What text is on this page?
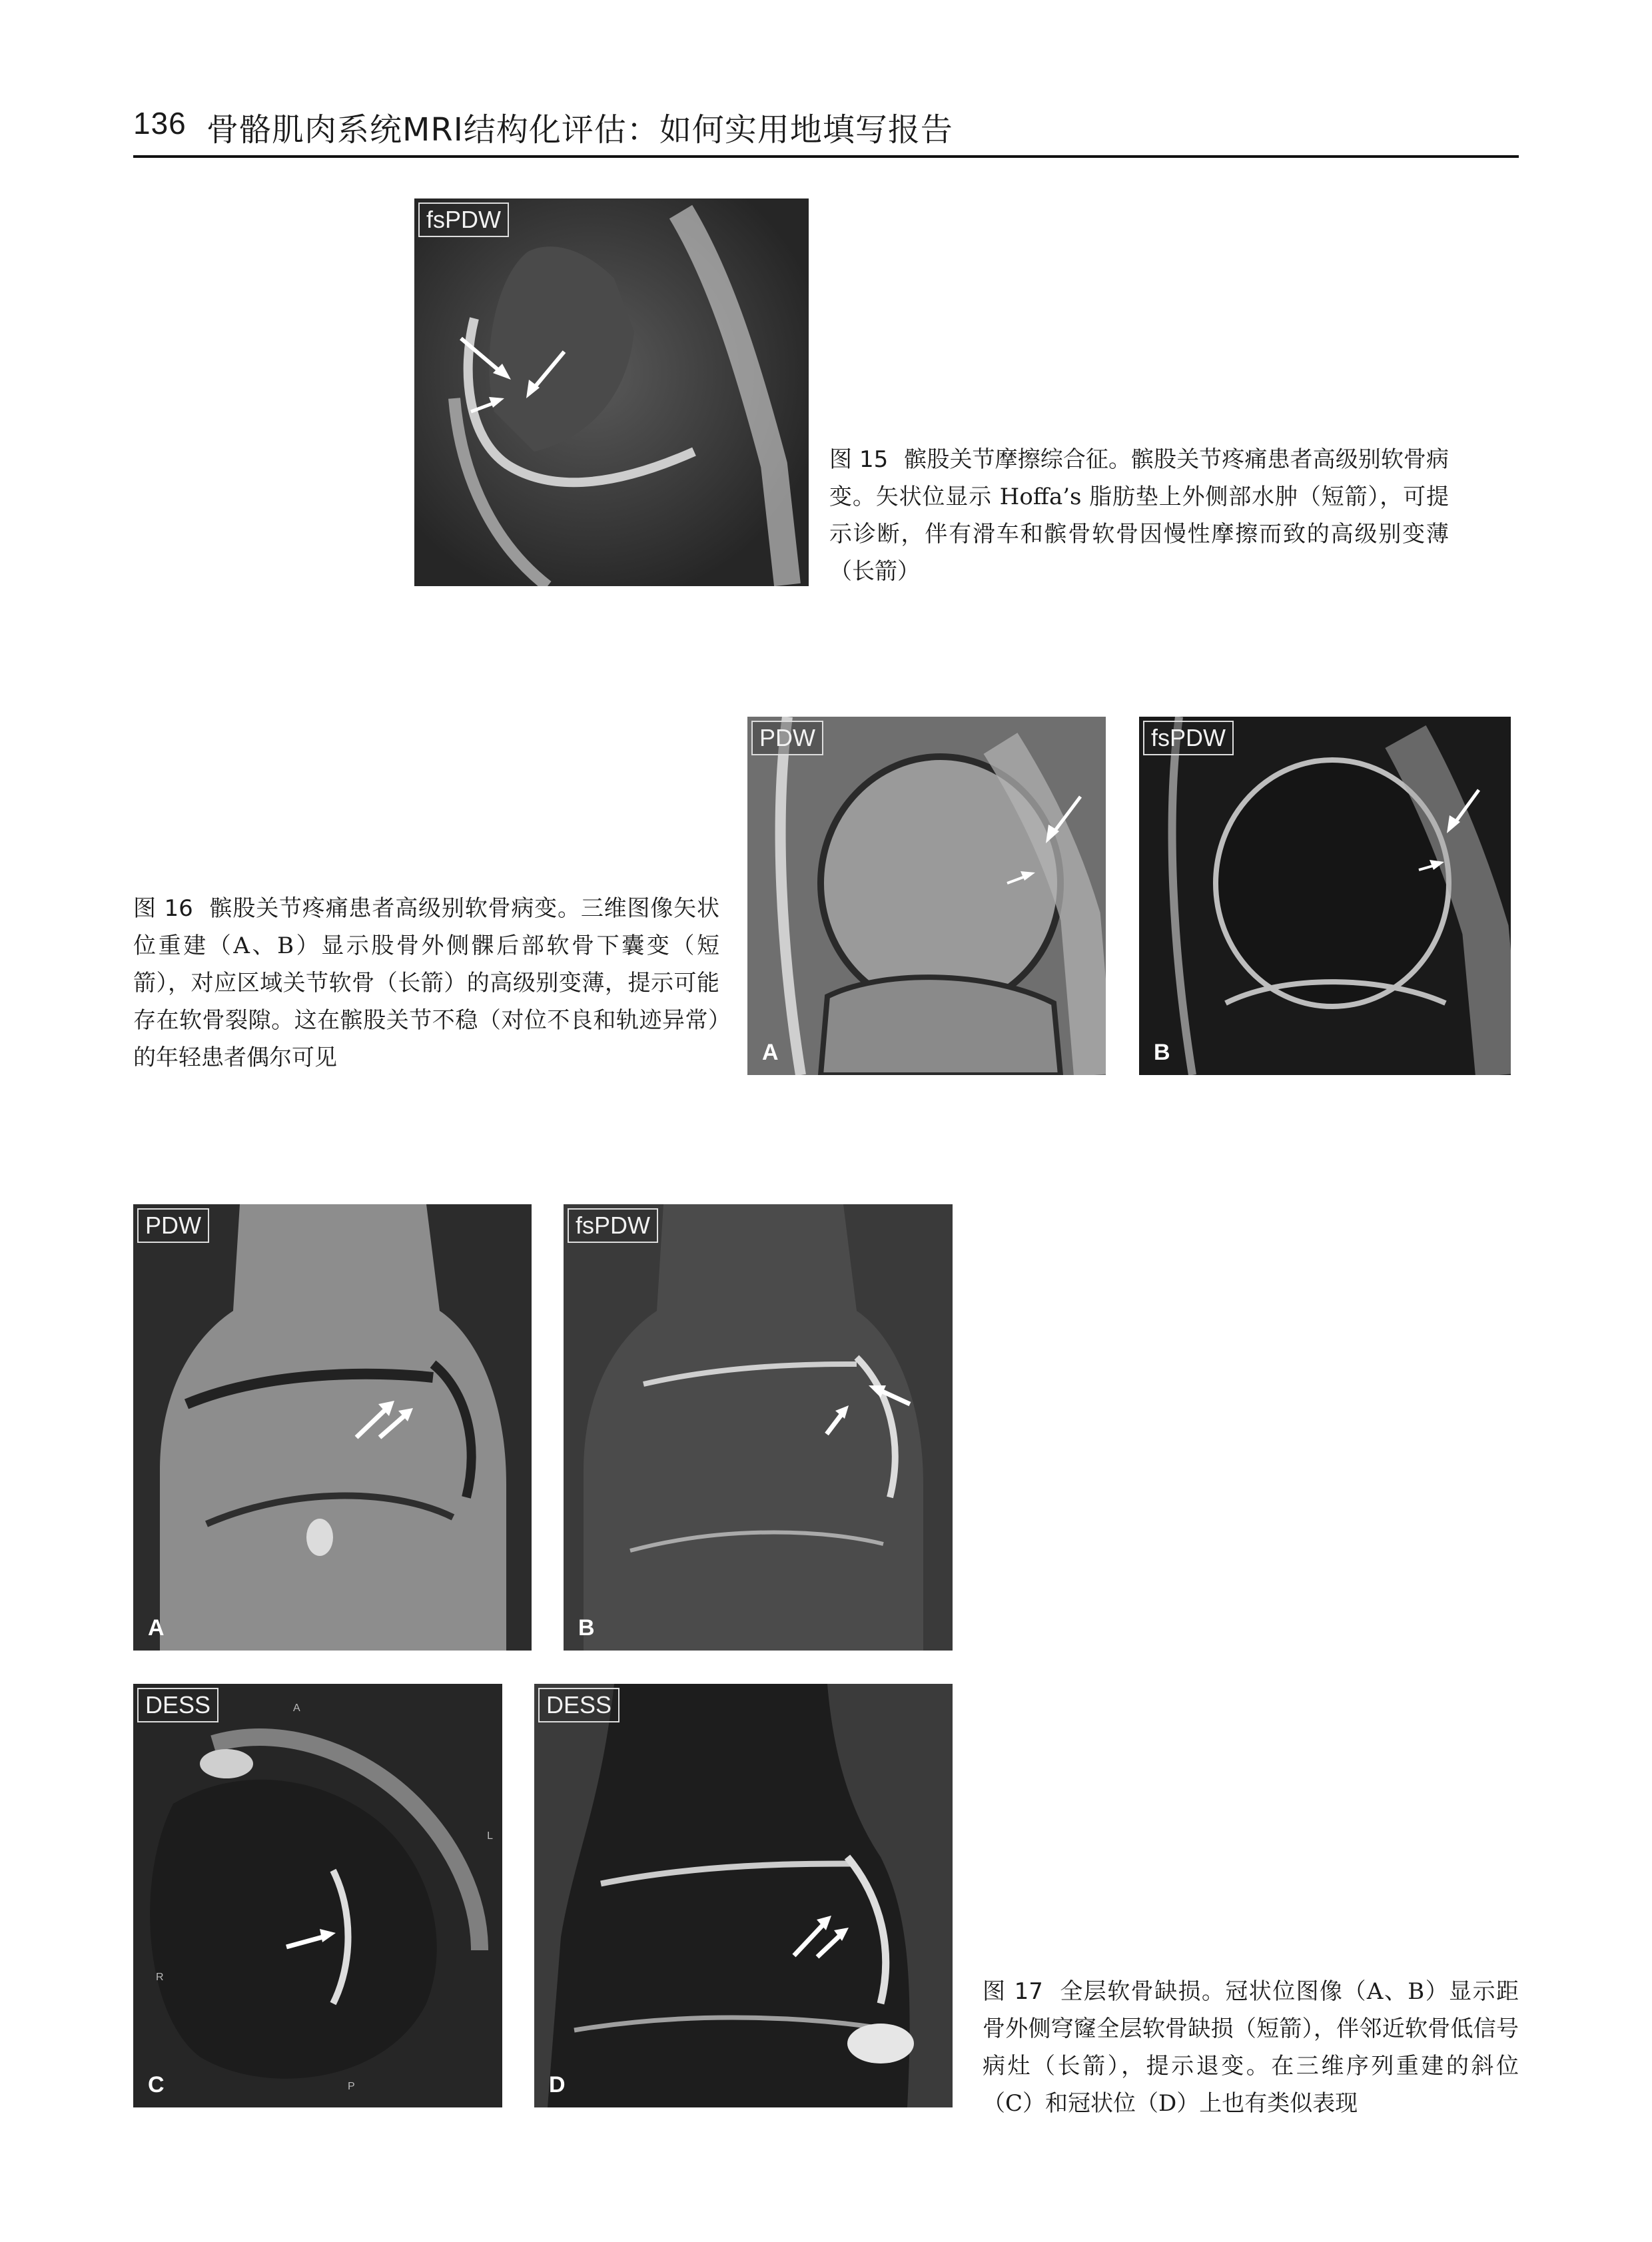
136 骨骼肌肉系统MRI结构化评估：如何实用地填写报告
fsPDW
图 15 髌股关节摩擦综合征。髌股关节疼痛患者高级别软骨病变。矢状位显示 Hoffa’s 脂肪垫上外侧部水肿（短箭），可提示诊断，伴有滑车和髌骨软骨因慢性摩擦而致的高级别变薄（长箭）
图 16 髌股关节疼痛患者高级别软骨病变。三维图像矢状位重建（A、B）显示股骨外侧髁后部软骨下囊变（短箭），对应区域关节软骨（长箭）的高级别变薄，提示可能存在软骨裂隙。这在髌股关节不稳（对位不良和轨迹异常）的年轻患者偶尔可见
PDW
A
fsPDW
B
PDW
A
fsPDW
B
A
L
R
P
DESS
C
DESS
D
图 17 全层软骨缺损。冠状位图像（A、B）显示距骨外侧穹窿全层软骨缺损（短箭），伴邻近软骨低信号病灶（长箭），提示退变。在三维序列重建的斜位（C）和冠状位（D）上也有类似表现
